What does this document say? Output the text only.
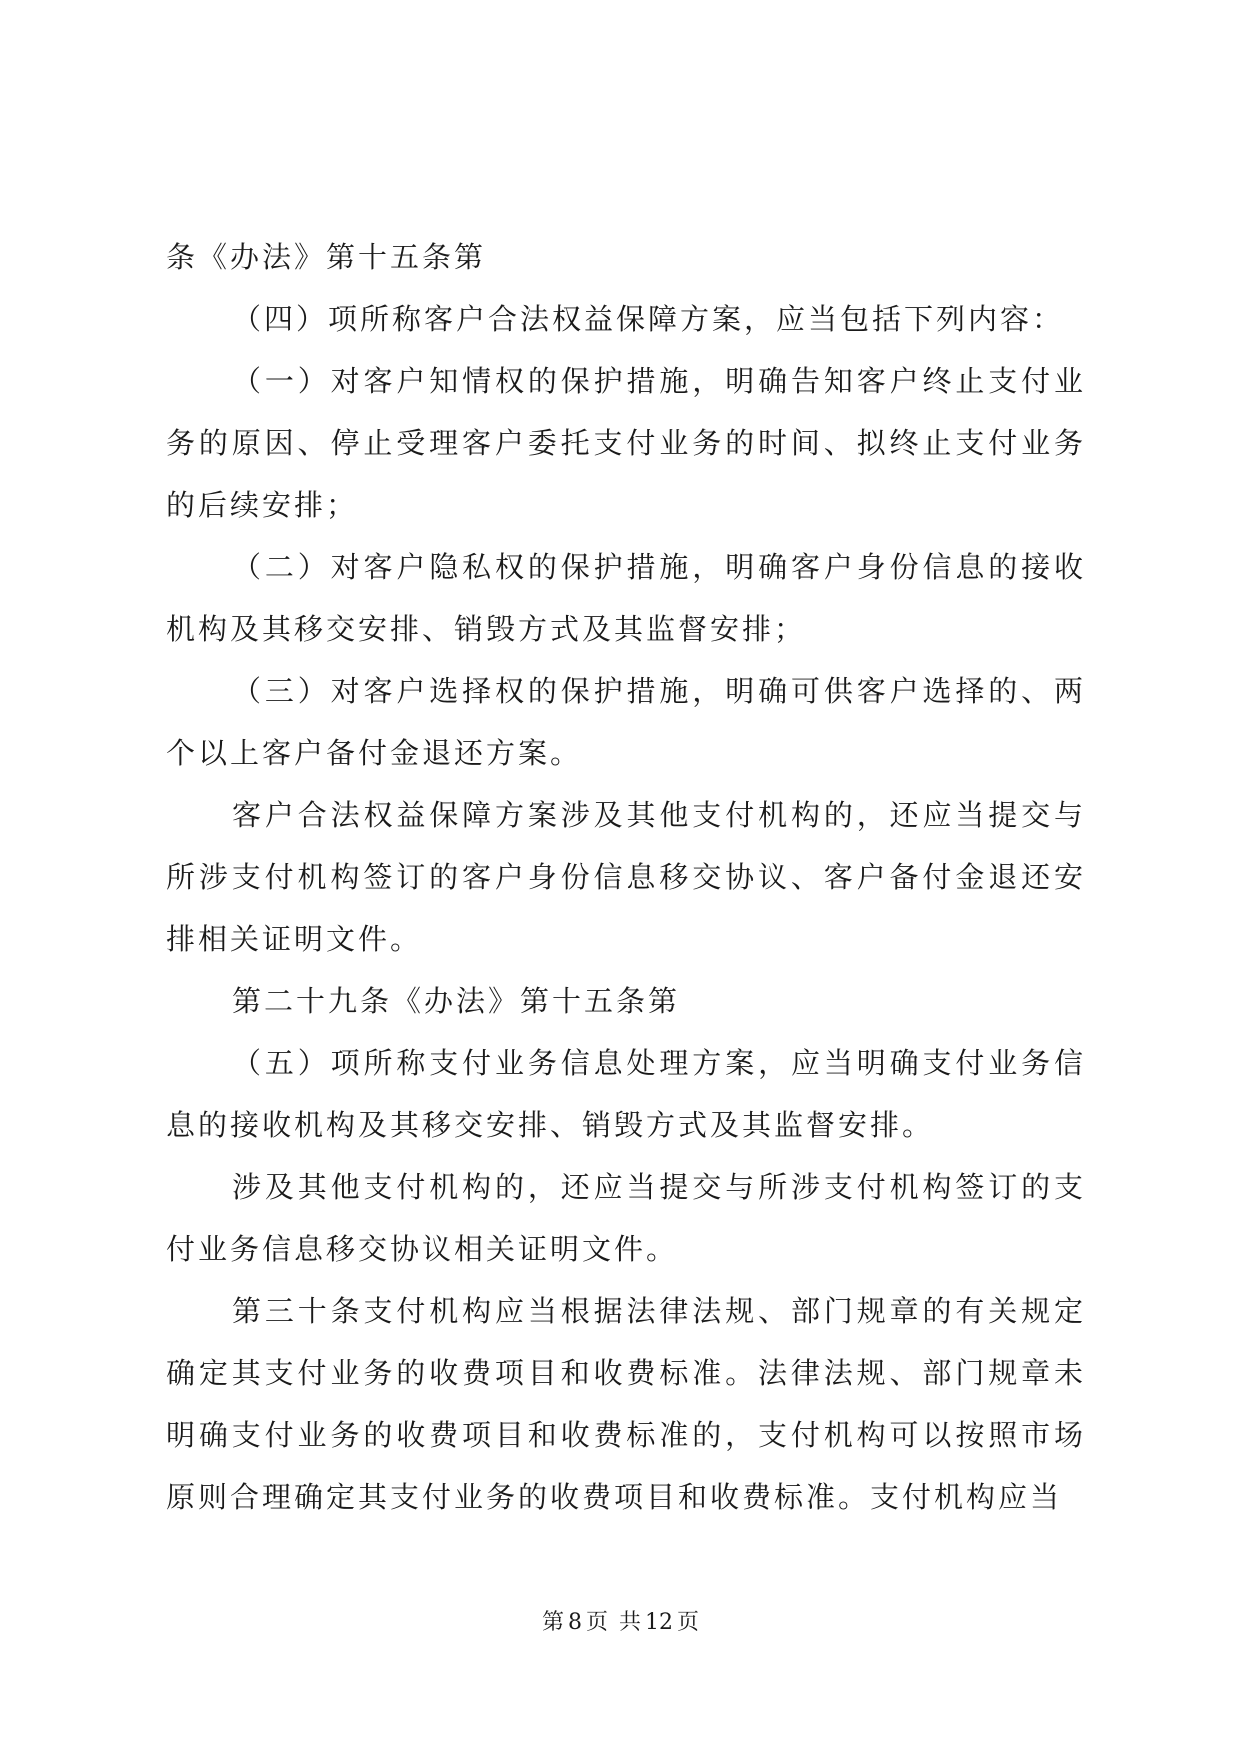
条《办法》第十五条第

（四）项所称客户合法权益保障方案，应当包括下列内容：

（一）对客户知情权的保护措施，明确告知客户终止支付业务的原因、停止受理客户委托支付业务的时间、拟终止支付业务的后续安排；

（二）对客户隐私权的保护措施，明确客户身份信息的接收机构及其移交安排、销毁方式及其监督安排；

（三）对客户选择权的保护措施，明确可供客户选择的、两个以上客户备付金退还方案。

客户合法权益保障方案涉及其他支付机构的，还应当提交与所涉支付机构签订的客户身份信息移交协议、客户备付金退还安排相关证明文件。

第二十九条《办法》第十五条第

（五）项所称支付业务信息处理方案，应当明确支付业务信息的接收机构及其移交安排、销毁方式及其监督安排。

涉及其他支付机构的，还应当提交与所涉支付机构签订的支付业务信息移交协议相关证明文件。

第三十条支付机构应当根据法律法规、部门规章的有关规定确定其支付业务的收费项目和收费标准。法律法规、部门规章未明确支付业务的收费项目和收费标准的，支付机构可以按照市场原则合理确定其支付业务的收费项目和收费标准。支付机构应当

第 8 页 共 12 页
